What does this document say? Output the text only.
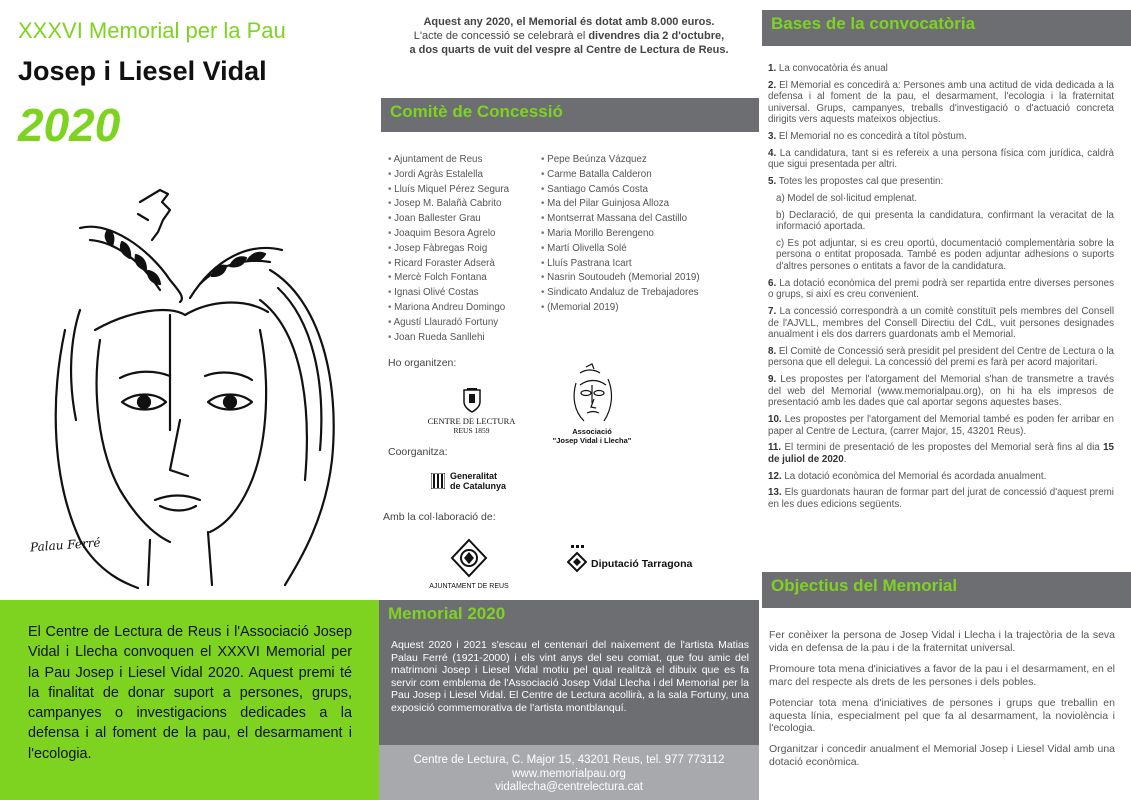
XXXVI Memorial per la Pau
Josep i Liesel Vidal
2020
Palau Ferré

El Centre de Lectura de Reus i l'Associació Josep Vidal i Llecha convoquen el XXXVI Memorial per la Pau Josep i Liesel Vidal 2020. Aquest premi té la finalitat de donar suport a persones, grups, campanyes o investigacions dedicades a la defensa i al foment de la pau, el desarmament i l'ecologia.

Aquest any 2020, el Memorial és dotat amb 8.000 euros.
L'acte de concessió se celebrarà el divendres dia 2 d'octubre,
a dos quarts de vuit del vespre al Centre de Lectura de Reus.
Comitè de Concessió
• Ajuntament de Reus
• Jordi Agràs Estalella
• Lluís Miquel Pérez Segura
• Josep M. Balañà Cabrito
• Joan Ballester Grau
• Joaquim Besora Agrelo
• Josep Fàbregas Roig
• Ricard Foraster Adserà
• Mercè Folch Fontana
• Ignasi Olivé Costas
• Mariona Andreu Domingo
• Agustí Llauradó Fortuny
• Joan Rueda Sanllehi
• Pepe Beúnza Vázquez
• Carme Batalla Calderon
• Santiago Camós Costa
• Ma del Pilar Guinjosa Alloza
• Montserrat Massana del Castillo
• Maria Morillo Berengeno
• Martí Olivella Solé
• Lluís Pastrana Icart
• Nasrin Soutoudeh (Memorial 2019)
• Sindicato Andaluz de Trebajadores
• (Memorial 2019)
Ho organitzen:
CENTRE DE LECTURA
REUS 1859	Associació
"Josep Vidal i Llecha"
Coorganitza:
Generalitat
de Catalunya
Amb la col·laboració de:
AJUNTAMENT DE REUS
Diputació Tarragona
Memorial 2020

Aquest 2020 i 2021 s'escau el centenari del naixement de l'artista Matias Palau Ferré (1921-2000) i els vint anys del seu comiat, que fou amic del matrimoni Josep i Liesel Vidal motiu pel qual realitzà el dibuix que es fa servir com emblema de l'Associació Josep Vidal Llecha i del Memorial per la Pau Josep i Liesel Vidal. El Centre de Lectura acollirà, a la sala Fortuny, una exposició commemorativa de l'artista montblanquí.

Centre de Lectura, C. Major 15, 43201 Reus, tel. 977 773112
www.memorialpau.org
vidallecha@centrelectura.cat
Bases de la convocatòria

1. La convocatòria és anual

2. El Memorial es concedirà a: Persones amb una actitud de vida dedicada a la defensa i al foment de la pau, el desarmament, l'ecologia i la fraternitat universal. Grups, campanyes, treballs d'investigació o d'actuació concreta dirigits vers aquests mateixos objectius.

3. El Memorial no es concedirà a títol pòstum.

4. La candidatura, tant si es refereix a una persona física com jurídica, caldrà que sigui presentada per altri.

5. Totes les propostes cal que presentin:

a) Model de sol·licitud emplenat.

b) Declaració, de qui presenta la candidatura, confirmant la veracitat de la informació aportada.

c) Es pot adjuntar, si es creu oportú, documentació complementària sobre la persona o entitat proposada. També es poden adjuntar adhesions o suports d'altres persones o entitats a favor de la candidatura.

6. La dotació econòmica del premi podrà ser repartida entre diverses persones o grups, si així es creu convenient.

7. La concessió correspondrà a un comitè constituït pels membres del Consell de l'AJVLL, membres del Consell Directiu del CdL, vuit persones designades anualment i els dos darrers guardonats amb el Memorial.

8. El Comitè de Concessió serà presidit pel president del Centre de Lectura o la persona que ell delegui. La concessió del premi es farà per acord majoritari.

9. Les propostes per l'atorgament del Memorial s'han de transmetre a través del web del Memorial (www.memorialpau.org), on hi ha els impresos de presentació amb les dades que cal aportar segons aquestes bases.

10. Les propostes per l'atorgament del Memorial també es poden fer arribar en paper al Centre de Lectura, (carrer Major, 15, 43201 Reus).

11. El termini de presentació de les propostes del Memorial serà fins al dia 15 de juliol de 2020.

12. La dotació econòmica del Memorial és acordada anualment.

13. Els guardonats hauran de formar part del jurat de concessió d'aquest premi en les dues edicions següents.

Objectius del Memorial

Fer conèixer la persona de Josep Vidal i Llecha i la trajectòria de la seva vida en defensa de la pau i de la fraternitat universal.

Promoure tota mena d'iniciatives a favor de la pau i el desarmament, en el marc del respecte als drets de les persones i dels pobles.

Potenciar tota mena d'iniciatives de persones i grups que treballin en aquesta línia, especialment pel que fa al desarmament, la noviolència i l'ecologia.

Organitzar i concedir anualment el Memorial Josep i Liesel Vidal amb una dotació econòmica.
